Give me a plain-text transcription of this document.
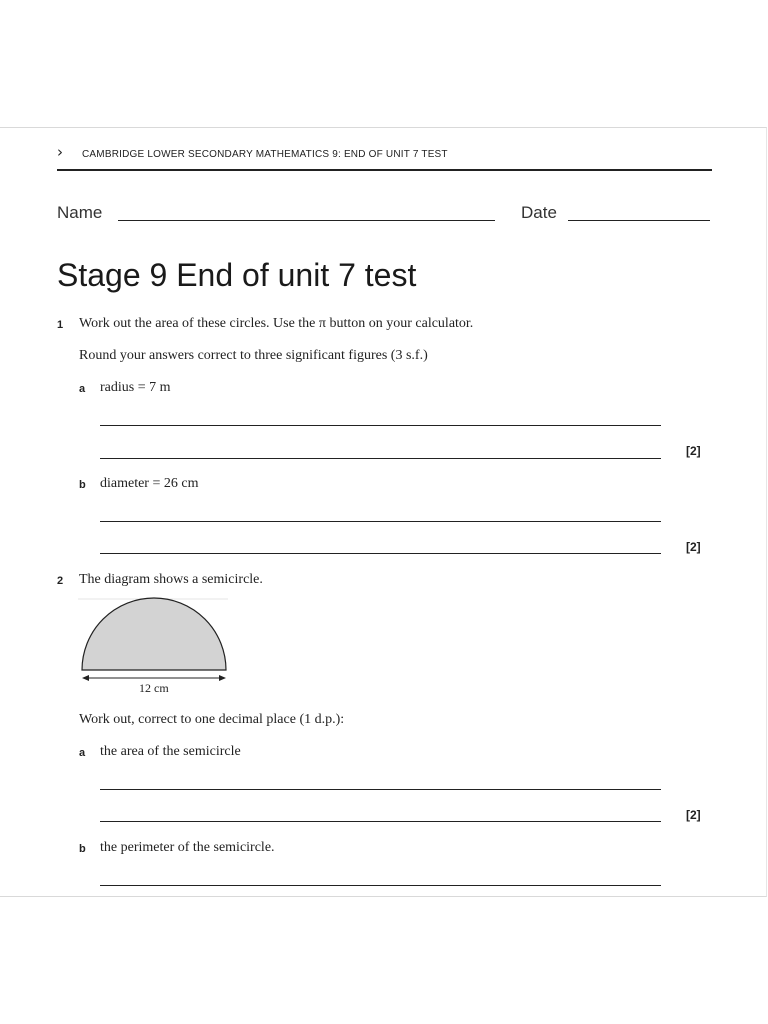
› CAMBRIDGE LOWER SECONDARY MATHEMATICS 9: END OF UNIT 7 TEST
Name	Date
Stage 9 End of unit 7 test
1 Work out the area of these circles. Use the π button on your calculator.
Round your answers correct to three significant figures (3 s.f.)
a radius = 7 m
[2]
b diameter = 26 cm
[2]
2 The diagram shows a semicircle.
12 cm
Work out, correct to one decimal place (1 d.p.):
a the area of the semicircle
[2]
b the perimeter of the semicircle.
